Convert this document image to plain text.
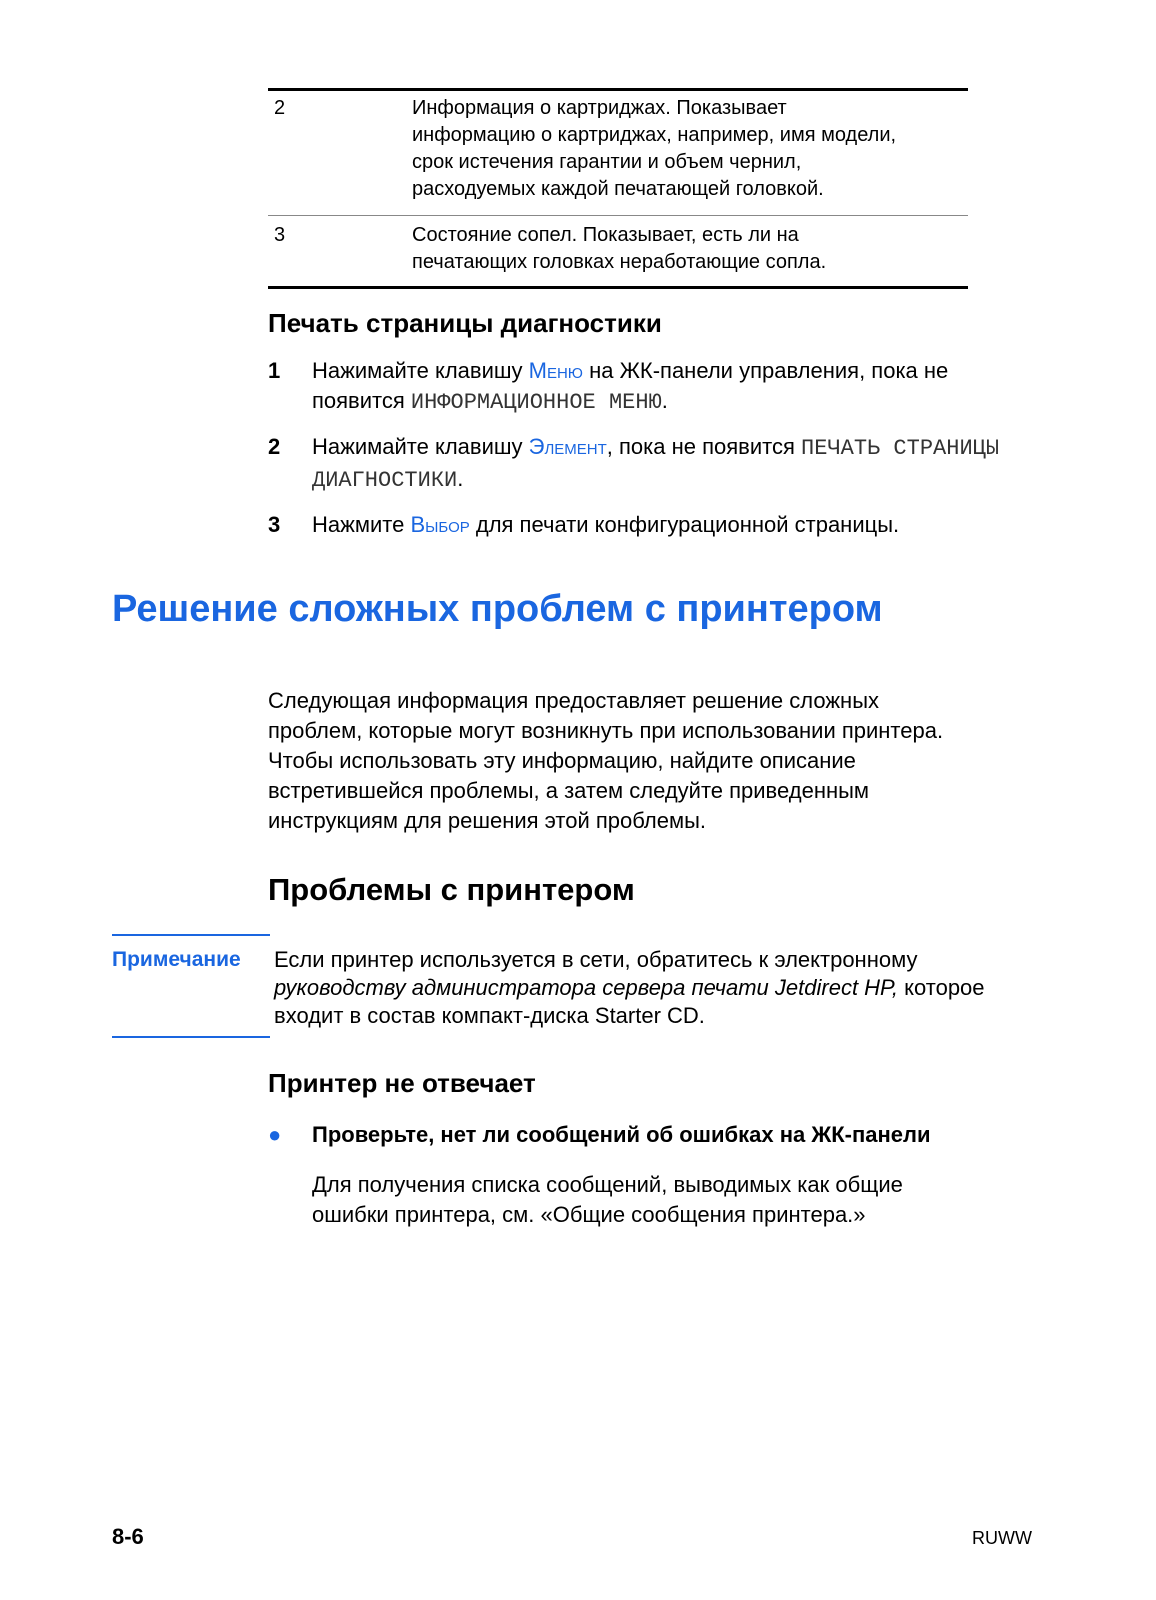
2	Информация о картриджах. Показывает
информацию о картриджах, например, имя модели,
срок истечения гарантии и объем чернил,
расходуемых каждой печатающей головкой.
3	Состояние сопел. Показывает, есть ли на
печатающих головках неработающие сопла.
Печать страницы диагностики
1	Нажимайте клавишу Меню на ЖК-панели управления, пока не появится ИНФОРМАЦИОННОЕ МЕНЮ.
2	Нажимайте клавишу Элемент, пока не появится ПЕЧАТЬ СТРАНИЦЫ ДИАГНОСТИКИ.
3	Нажмите Выбор для печати конфигурационной страницы.
Решение сложных проблем с принтером
Следующая информация предоставляет решение сложных
проблем, которые могут возникнуть при использовании принтера.
Чтобы использовать эту информацию, найдите описание
встретившейся проблемы, а затем следуйте приведенным
инструкциям для решения этой проблемы.
Проблемы с принтером
Примечание Если принтер используется в сети, обратитесь к электронному
руководству администратора сервера печати Jetdirect HP, которое
входит в состав компакт-диска Starter CD.
Принтер не отвечает
●	Проверьте, нет ли сообщений об ошибках на ЖК-панели
Для получения списка сообщений, выводимых как общие
ошибки принтера, см. «Общие сообщения принтера.»
8-6	RUWW
